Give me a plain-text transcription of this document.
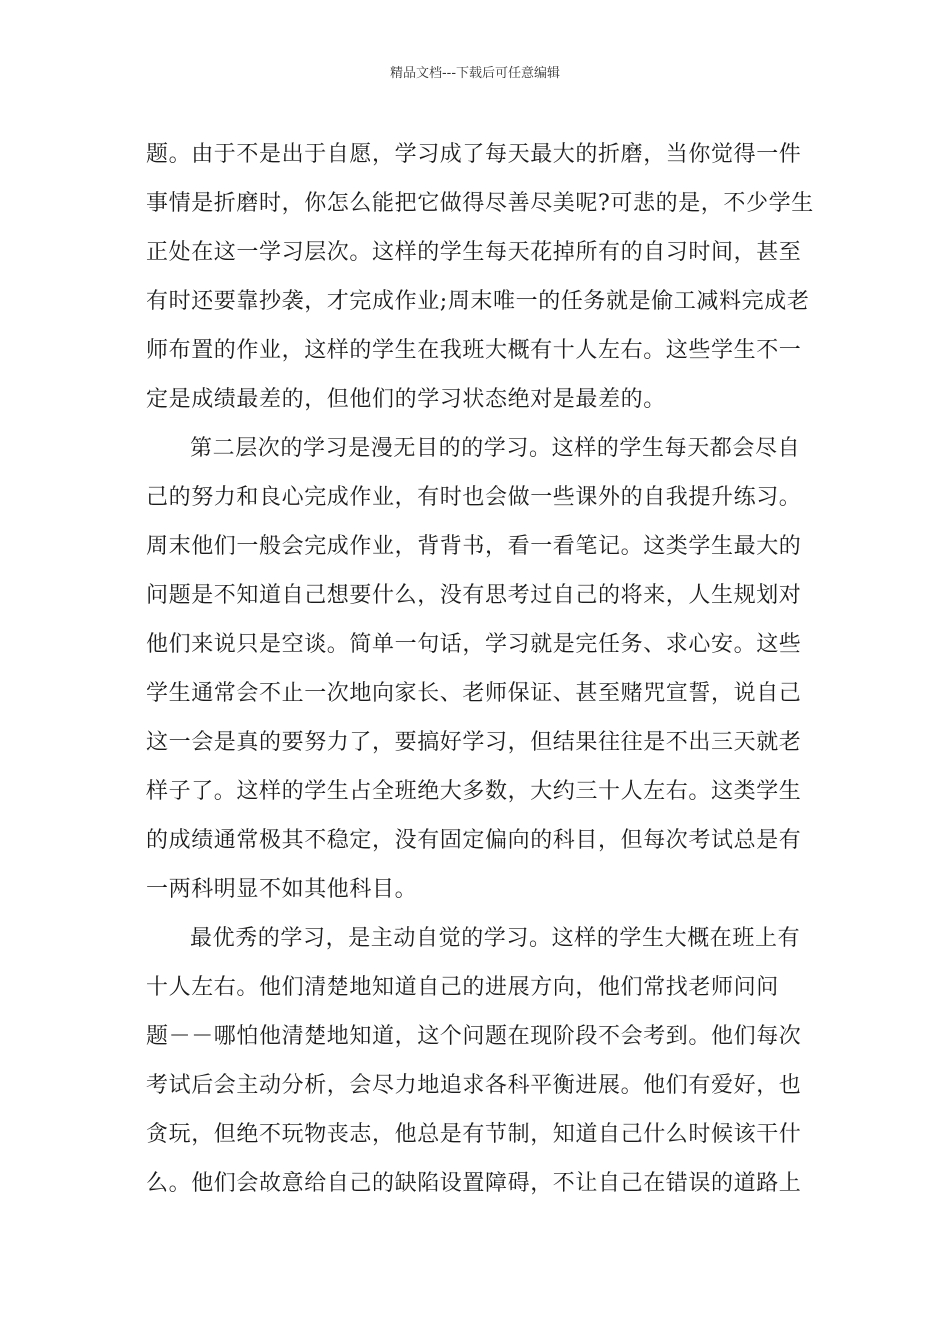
精品文档---下载后可任意编辑
题。由于不是出于自愿，学习成了每天最大的折磨，当你觉得一件
事情是折磨时，你怎么能把它做得尽善尽美呢?可悲的是，不少学生
正处在这一学习层次。这样的学生每天花掉所有的自习时间，甚至
有时还要靠抄袭，才完成作业;周末唯一的任务就是偷工减料完成老
师布置的作业，这样的学生在我班大概有十人左右。这些学生不一
定是成绩最差的，但他们的学习状态绝对是最差的。
第二层次的学习是漫无目的的学习。这样的学生每天都会尽自
己的努力和良心完成作业，有时也会做一些课外的自我提升练习。
周末他们一般会完成作业，背背书，看一看笔记。这类学生最大的
问题是不知道自己想要什么，没有思考过自己的将来，人生规划对
他们来说只是空谈。简单一句话，学习就是完任务、求心安。这些
学生通常会不止一次地向家长、老师保证、甚至赌咒宣誓，说自己
这一会是真的要努力了，要搞好学习，但结果往往是不出三天就老
样子了。这样的学生占全班绝大多数，大约三十人左右。这类学生
的成绩通常极其不稳定，没有固定偏向的科目，但每次考试总是有
一两科明显不如其他科目。
最优秀的学习，是主动自觉的学习。这样的学生大概在班上有
十人左右。他们清楚地知道自己的进展方向，他们常找老师问问
题－－哪怕他清楚地知道，这个问题在现阶段不会考到。他们每次
考试后会主动分析，会尽力地追求各科平衡进展。他们有爱好，也
贪玩，但绝不玩物丧志，他总是有节制，知道自己什么时候该干什
么。他们会故意给自己的缺陷设置障碍，不让自己在错误的道路上
